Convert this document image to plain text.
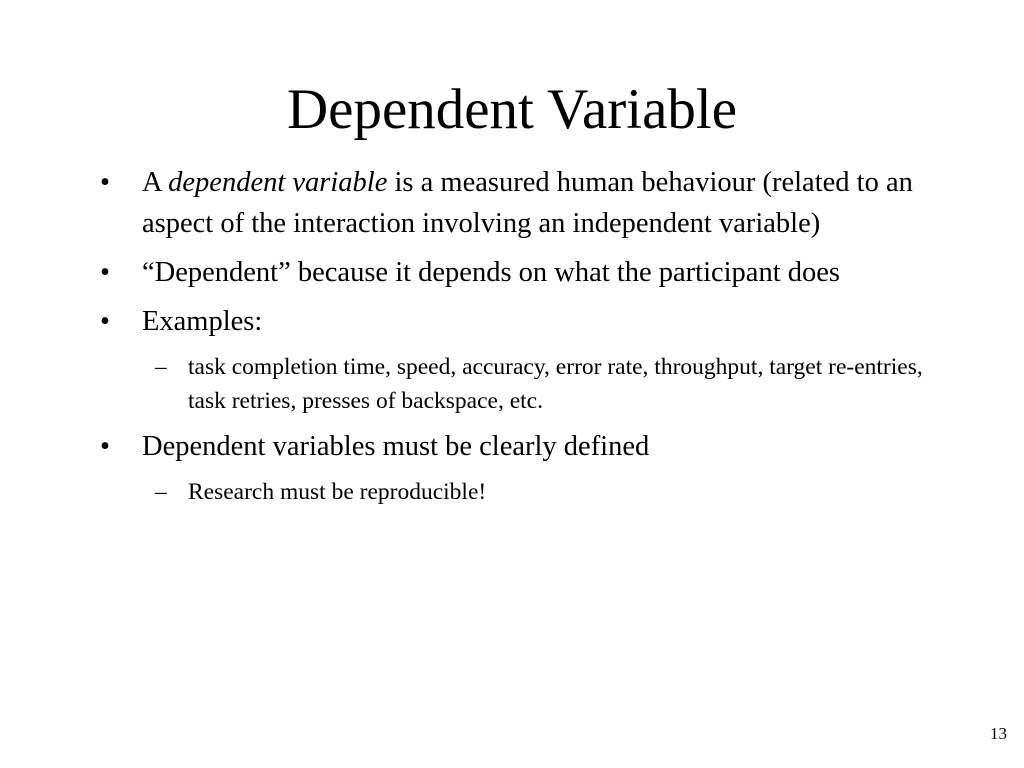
Dependent Variable
•	A dependent variable is a measured human behaviour (related to an aspect of the interaction involving an independent variable)
•	“Dependent” because it depends on what the participant does
•	Examples:
– task completion time, speed, accuracy, error rate, throughput, target re-entries, task retries, presses of backspace, etc.
•	Dependent variables must be clearly defined
– Research must be reproducible!
13
